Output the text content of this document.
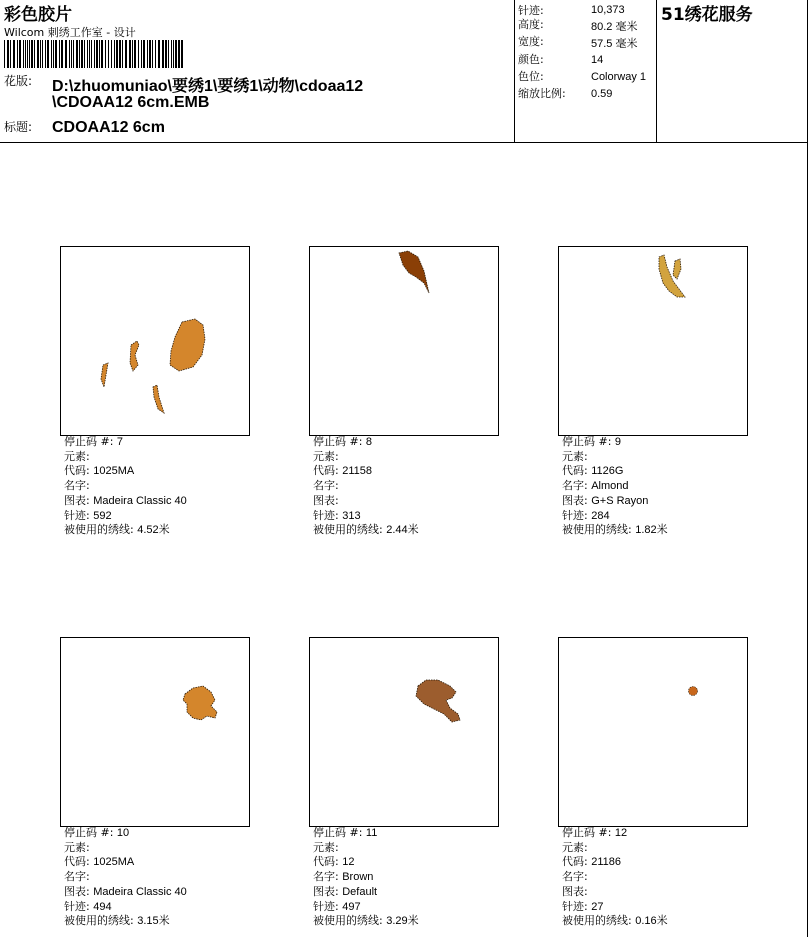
彩色胶片
Wilcom 刺绣工作室 - 设计
花版: D:\zhuomuniao\要绣1\要绣1\动物\cdoaa12
\CDOAA12 6cm.EMB
标题: CDOAA12 6cm
针迹:	10,373
高度:	80.2 毫米
宽度:	57.5 毫米
颜色:	14
色位:	Colorway 1
缩放比例: 0.59
51绣花服务
停止码 #: 7
元素:
代码: 1025MA
名字:
图表: Madeira Classic 40
针迹: 592
被使用的绣线: 4.52米
停止码 #: 8
元素:
代码: 21158
名字:
图表:
针迹: 313
被使用的绣线: 2.44米
停止码 #: 9
元素:
代码: 1126G
名字: Almond
图表: G+S Rayon
针迹: 284
被使用的绣线: 1.82米
停止码 #: 10
元素:
代码: 1025MA
名字:
图表: Madeira Classic 40
针迹: 494
被使用的绣线: 3.15米
停止码 #: 11
元素:
代码: 12
名字: Brown
图表: Default
针迹: 497
被使用的绣线: 3.29米
停止码 #: 12
元素:
代码: 21186
名字:
图表:
针迹: 27
被使用的绣线: 0.16米
